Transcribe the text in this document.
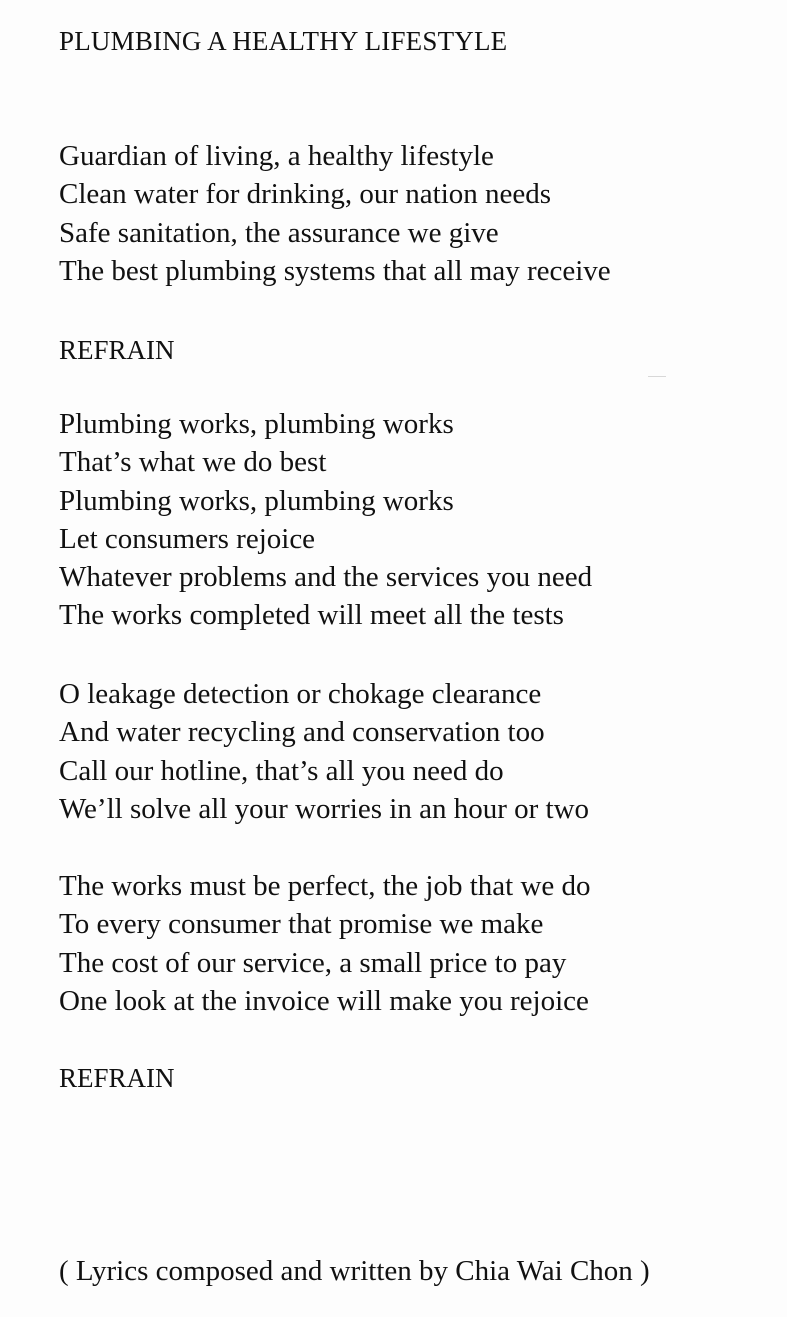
PLUMBING A HEALTHY LIFESTYLE
Guardian of living, a healthy lifestyle
Clean water for drinking, our nation needs
Safe sanitation, the assurance we give
The best plumbing systems that all may receive
REFRAIN
Plumbing works, plumbing works
That’s what we do best
Plumbing works, plumbing works
Let consumers rejoice
Whatever problems and the services you need
The works completed will meet all the tests
O leakage detection or chokage clearance
And water recycling and conservation too
Call our hotline, that’s all you need do
We’ll solve all your worries in an hour or two
The works must be perfect, the job that we do
To every consumer that promise we make
The cost of our service, a small price to pay
One look at the invoice will make you rejoice
REFRAIN
( Lyrics composed and written by Chia Wai Chon )
